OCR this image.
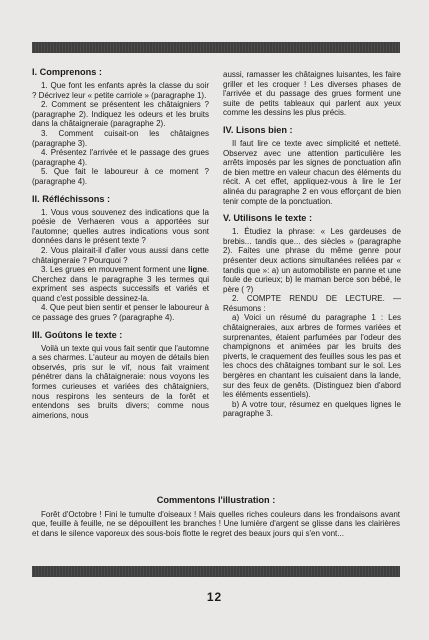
I. Comprenons :

1. Que font les enfants après la classe du soir ? Décrivez leur « petite carriole » (paragraphe 1).

2. Comment se présentent les châtaigniers ? (paragraphe 2). Indiquez les odeurs et les bruits dans la châtaigneraie (paragraphe 2).

3. Comment cuisait-on les châtaignes (paragraphe 3).

4. Présentez l'arrivée et le passage des grues (paragraphe 4).

5. Que fait le laboureur à ce moment ? (paragraphe 4).

II. Réfléchissons :

1. Vous vous souvenez des indications que la poésie de Verhaeren vous a apportées sur l'automne; quelles autres indications vous sont données dans le présent texte ?

2. Vous plairait-il d'aller vous aussi dans cette châtaigneraie ? Pourquoi ?

3. Les grues en mouvement forment une ligne. Cherchez dans le paragraphe 3 les termes qui expriment ses aspects successifs et variés et quand c'est possible dessinez-la.

4. Que peut bien sentir et penser le laboureur à ce passage des grues ? (paragraphe 4).

III. Goûtons le texte :

Voilà un texte qui vous fait sentir que l'automne a ses charmes. L'auteur au moyen de détails bien observés, pris sur le vif, nous fait vraiment pénétrer dans la châtaigneraie: nous voyons les formes curieuses et variées des châtaigniers, nous respirons les senteurs de la forêt et entendons ses bruits divers; comme nous aimerions, nous

aussi, ramasser les châtaignes luisantes, les faire griller et les croquer ! Les diverses phases de l'arrivée et du passage des grues forment une suite de petits tableaux qui parlent aux yeux comme les dessins les plus précis.

IV. Lisons bien :

Il faut lire ce texte avec simplicité et netteté. Observez avec une attention particulière les arrêts imposés par les signes de ponctuation afin de bien mettre en valeur chacun des éléments du récit. A cet effet, appliquez-vous à lire le 1er alinéa du paragraphe 2 en vous efforçant de bien tenir compte de la ponctuation.

V. Utilisons le texte :

1. Étudiez la phrase: « Les gardeuses de brebis... tandis que... des siècles » (paragraphe 2). Faites une phrase du même genre pour présenter deux actions simultanées reliées par « tandis que »: a) un automobiliste en panne et une foule de curieux; b) le maman berce son bébé, le père ( ?)

2. COMPTE RENDU DE LECTURE. — Résumons :

a) Voici un résumé du paragraphe 1 : Les châtaigneraies, aux arbres de formes variées et surprenantes, étaient parfumées par l'odeur des champignons et animées par les bruits des piverts, le craquement des feuilles sous les pas et les chocs des châtaignes tombant sur le sol. Les bergères en chantant les cuisaient dans la lande, sur des feux de genêts. (Distinguez bien d'abord les éléments essentiels).

b) A votre tour, résumez en quelques lignes le paragraphe 3.

Commentons l'illustration :

Forêt d'Octobre ! Fini le tumulte d'oiseaux ! Mais quelles riches couleurs dans les frondaisons avant que, feuille à feuille, ne se dépouillent les branches ! Une lumière d'argent se glisse dans les clairières et dans le silence vaporeux des sous-bois flotte le regret des beaux jours qui s'en vont...

12
